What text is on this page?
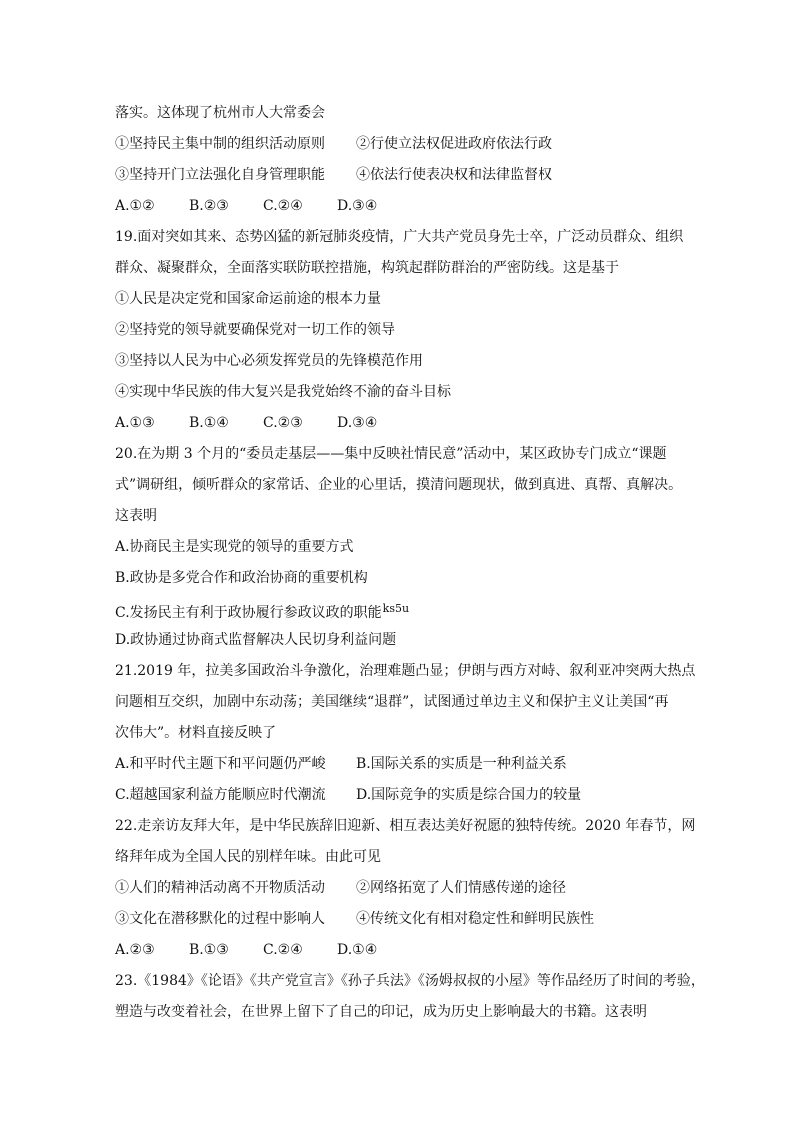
落实。这体现了杭州市人大常委会
①坚持民主集中制的组织活动原则 ②行使立法权促进政府依法行政
③坚持开门立法强化自身管理职能 ④依法行使表决权和法律监督权
A.①② B.②③ C.②④ D.③④
19.面对突如其来、态势凶猛的新冠肺炎疫情，广大共产党员身先士卒，广泛动员群众、组织
群众、凝聚群众，全面落实联防联控措施，构筑起群防群治的严密防线。这是基于
①人民是决定党和国家命运前途的根本力量
②坚持党的领导就要确保党对一切工作的领导
③坚持以人民为中心必须发挥党员的先锋模范作用
④实现中华民族的伟大复兴是我党始终不渝的奋斗目标
A.①③ B.①④ C.②③ D.③④
20.在为期 3 个月的“委员走基层——集中反映社情民意”活动中，某区政协专门成立“课题
式”调研组，倾听群众的家常话、企业的心里话，摸清问题现状，做到真进、真帮、真解决。
这表明
A.协商民主是实现党的领导的重要方式
B.政协是多党合作和政治协商的重要机构
C.发扬民主有利于政协履行参政议政的职能$^{ks5u}$
D.政协通过协商式监督解决人民切身利益问题
21.2019 年，拉美多国政治斗争激化，治理难题凸显；伊朗与西方对峙、叙利亚冲突两大热点
问题相互交织，加剧中东动荡；美国继续“退群”，试图通过单边主义和保护主义让美国“再
次伟大”。材料直接反映了
A.和平时代主题下和平问题仍严峻 B.国际关系的实质是一种利益关系
C.超越国家利益方能顺应时代潮流 D.国际竞争的实质是综合国力的较量
22.走亲访友拜大年，是中华民族辞旧迎新、相互表达美好祝愿的独特传统。2020 年春节，网
络拜年成为全国人民的别样年味。由此可见
①人们的精神活动离不开物质活动 ②网络拓宽了人们情感传递的途径
③文化在潜移默化的过程中影响人 ④传统文化有相对稳定性和鲜明民族性
A.②③ B.①③ C.②④ D.①④
23.《1984》《论语》《共产党宣言》《孙子兵法》《汤姆叔叔的小屋》等作品经历了时间的考验，
塑造与改变着社会，在世界上留下了自己的印记，成为历史上影响最大的书籍。这表明
